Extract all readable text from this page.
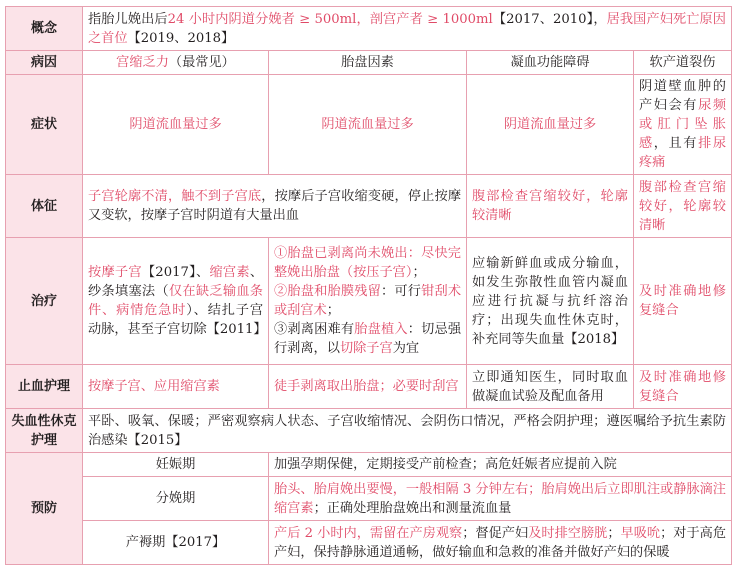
概念	指胎儿娩出后24 小时内阴道分娩者 ≥ 500ml，剖宫产者 ≥ 1000ml【2017、2010】，居我国产妇死亡原因之首位【2019、2018】			
病因	宫缩乏力（最常见）	胎盘因素	凝血功能障碍	软产道裂伤
症状	阴道流血量过多	阴道流血量过多	阴道流血量过多	阴道壁血肿的产妇会有尿频或肛门坠胀感，且有排尿疼痛
体征	子宫轮廓不清，触不到子宫底，按摩后子宫收缩变硬，停止按摩又变软，按摩子宫时阴道有大量出血		腹部检查宫缩较好，轮廓较清晰	腹部检查宫缩较好，轮廓较清晰
治疗	按摩子宫【2017】、缩宫素、纱条填塞法（仅在缺乏输血条件、病情危急时）、结扎子宫动脉，甚至子宫切除【2011】	①胎盘已剥离尚未娩出：尽快完整娩出胎盘（按压子宫）；
②胎盘和胎膜残留：可行钳刮术或刮宫术；
③剥离困难有胎盘植入：切忌强行剥离，以切除子宫为宜	应输新鲜血或成分输血，如发生弥散性血管内凝血应进行抗凝与抗纤溶治疗；出现失血性休克时，补充同等失血量【2018】	及时准确地修复缝合
止血护理	按摩子宫、应用缩宫素	徒手剥离取出胎盘；必要时刮宫	立即通知医生，同时取血做凝血试验及配血备用	及时准确地修复缝合
失血性休克护理	平卧、吸氧、保暖；严密观察病人状态、子宫收缩情况、会阴伤口情况，严格会阴护理；遵医嘱给予抗生素防治感染【2015】			
预防	妊娠期	加强孕期保健，定期接受产前检查；高危妊娠者应提前入院		
	分娩期	胎头、胎肩娩出要慢，一般相隔 3 分钟左右；胎肩娩出后立即肌注或静脉滴注缩宫素；正确处理胎盘娩出和测量流血量		
	产褥期【2017】	产后 2 小时内，需留在产房观察；督促产妇及时排空膀胱；早吸吮；对于高危产妇，保持静脉通道通畅，做好输血和急救的准备并做好产妇的保暖		
